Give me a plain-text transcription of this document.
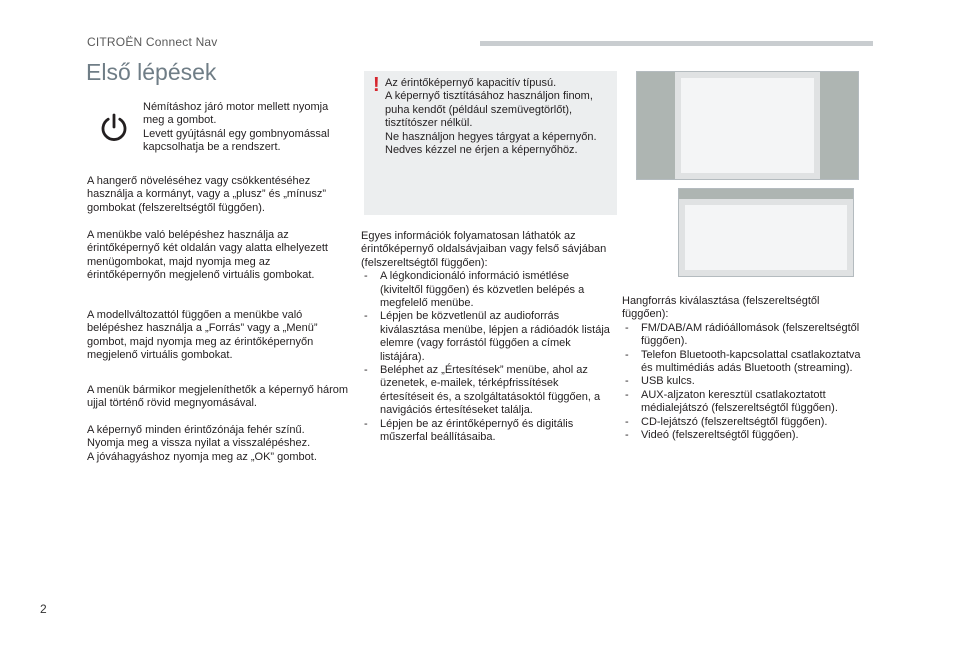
CITROËN Connect Nav
Első lépések

Némításhoz járó motor mellett nyomja meg a gombot.
Levett gyújtásnál egy gombnyomással kapcsolhatja be a rendszert.

A hangerő növeléséhez vagy csökkentéséhez használja a kormányt, vagy a „plusz” és „mínusz” gombokat (felszereltségtől függően).

A menükbe való belépéshez használja az érintőképernyő két oldalán vagy alatta elhelyezett menügombokat, majd nyomja meg az érintőképernyőn megjelenő virtuális gombokat.

A modellváltozattól függően a menükbe való belépéshez használja a „Forrás” vagy a „Menü” gombot, majd nyomja meg az érintőképernyőn megjelenő virtuális gombokat.

A menük bármikor megjeleníthetők a képernyő három ujjal történő rövid megnyomásával.

A képernyő minden érintőzónája fehér színű.
Nyomja meg a vissza nyilat a visszalépéshez.
A jóváhagyáshoz nyomja meg az „OK” gombot.

! Az érintőképernyő kapacitív típusú.
A képernyő tisztításához használjon finom, puha kendőt (például szemüvegtörlőt), tisztítószer nélkül.
Ne használjon hegyes tárgyat a képernyőn.
Nedves kézzel ne érjen a képernyőhöz.

Egyes információk folyamatosan láthatók az érintőképernyő oldalsávjaiban vagy felső sávjában (felszereltségtől függően):

- A légkondicionáló információ ismétlése (kiviteltől függően) és közvetlen belépés a megfelelő menübe.

- Lépjen be közvetlenül az audioforrás kiválasztása menübe, lépjen a rádióadók listája elemre (vagy forrástól függően a címek listájára).

- Beléphet az „Értesítések” menübe, ahol az üzenetek, e-mailek, térképfrissítések értesítéseit és, a szolgáltatásoktól függően, a navigációs értesítéseket találja.

- Lépjen be az érintőképernyő és digitális műszerfal beállításaiba.

Hangforrás kiválasztása (felszereltségtől függően):

- FM/DAB/AM rádióállomások (felszereltségtől függően).

- Telefon Bluetooth-kapcsolattal csatlakoztatva és multimédiás adás Bluetooth (streaming).

- USB kulcs.

- AUX-aljzaton keresztül csatlakoztatott médialejátszó (felszereltségtől függően).

- CD-lejátszó (felszereltségtől függően).

- Videó (felszereltségtől függően).

2
